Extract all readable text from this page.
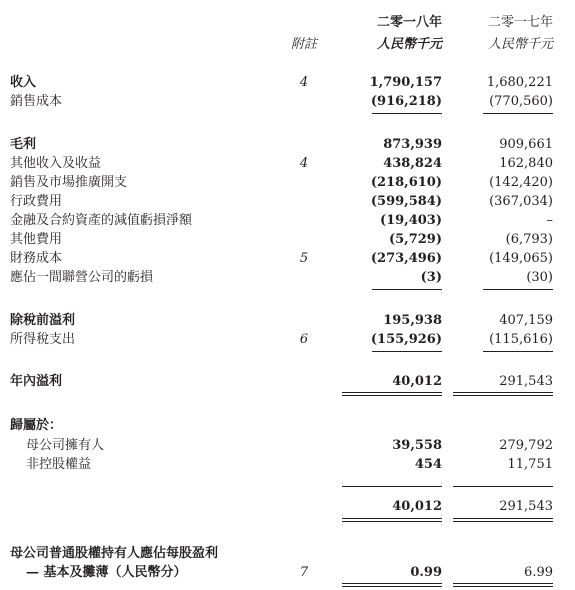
二零一八年	二零一七年
附註	人民幣千元	人民幣千元
收入	4	1,790,157	1,680,221
銷售成本	(916,218)	(770,560)
毛利	873,939	909,661
其他收入及收益	4	438,824	162,840
銷售及市場推廣開支	(218,610)	(142,420)
行政費用	(599,584)	(367,034)
金融及合約資產的減值虧損淨額	(19,403)	–
其他費用	(5,729)	(6,793)
財務成本	5	(273,496)	(149,065)
應佔一間聯營公司的虧損	(3)	(30)
除稅前溢利	195,938	407,159
所得稅支出	6	(155,926)	(115,616)
年內溢利	40,012	291,543
歸屬於：
母公司擁有人	39,558	279,792
非控股權益	454	11,751
40,012	291,543
母公司普通股權持有人應佔每股盈利
— 基本及攤薄（人民幣分）	7	0.99	6.99
